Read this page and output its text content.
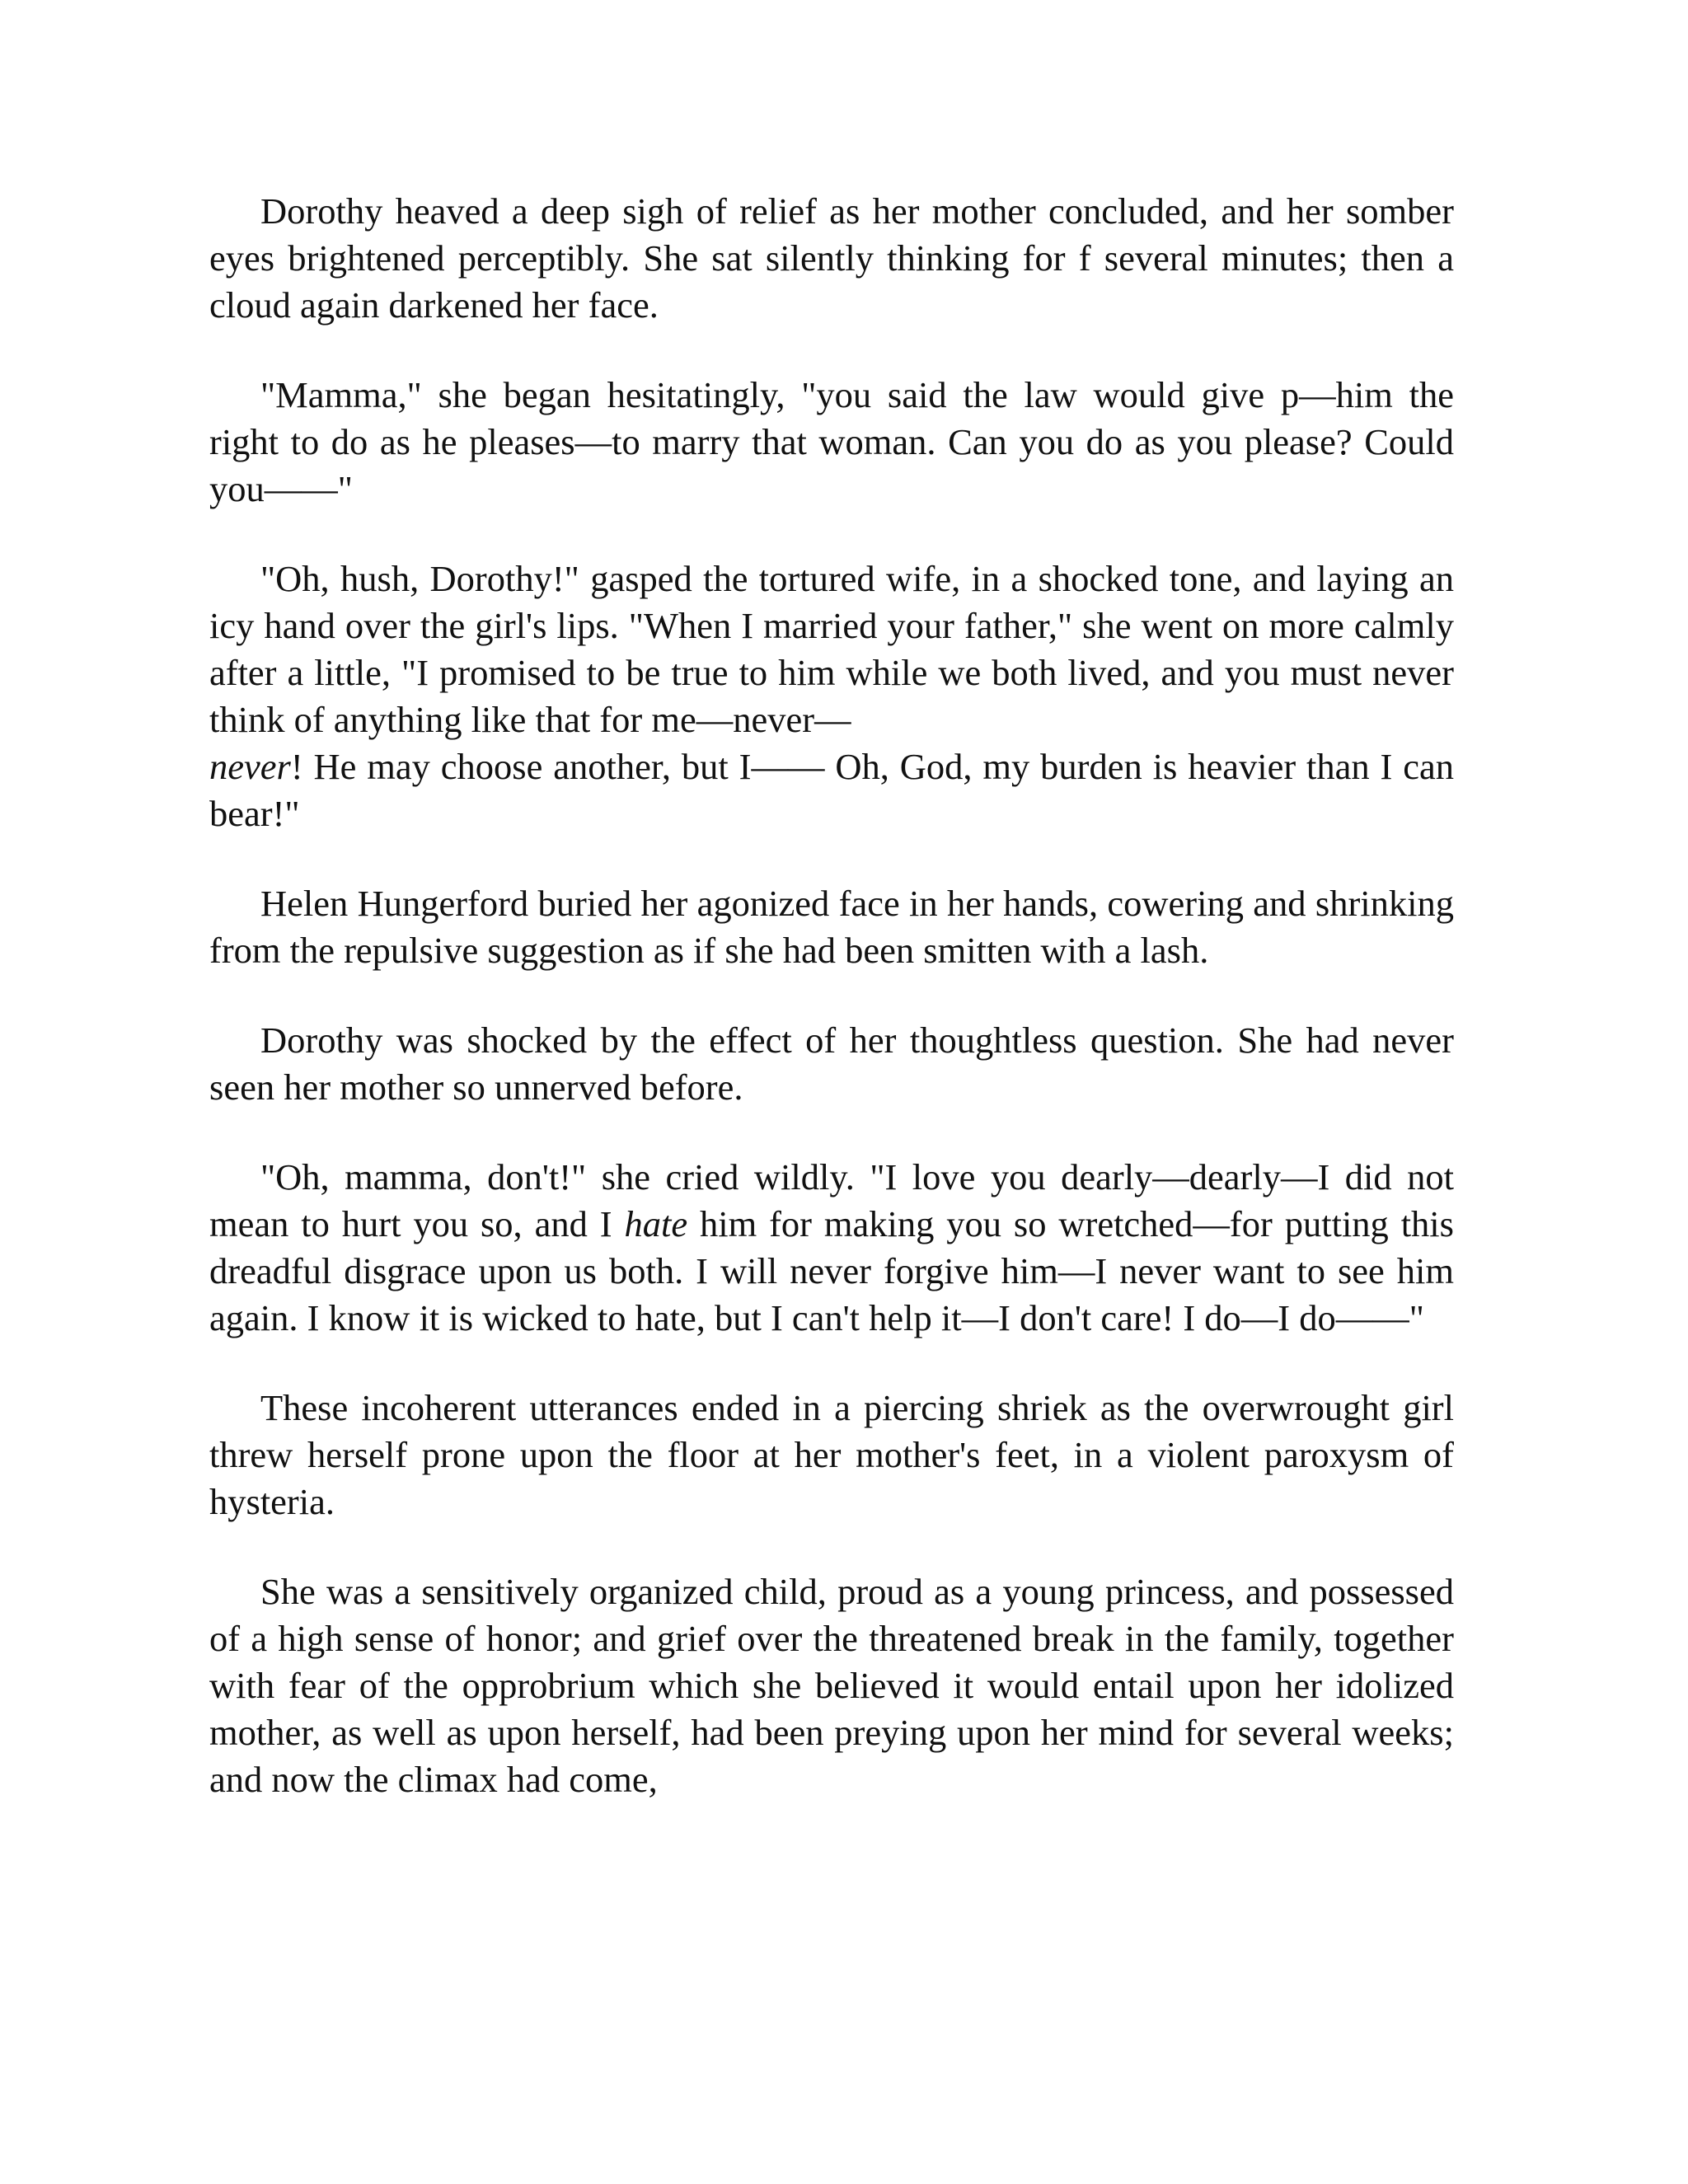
Dorothy heaved a deep sigh of relief as her mother concluded, and her somber eyes brightened perceptibly. She sat silently thinking for f several minutes; then a cloud again darkened her face.

"Mamma," she began hesitatingly, "you said the law would give p—him the right to do as he pleases—to marry that woman. Can you do as you please? Could you——"

"Oh, hush, Dorothy!" gasped the tortured wife, in a shocked tone, and laying an icy hand over the girl's lips. "When I married your father," she went on more calmly after a little, "I promised to be true to him while we both lived, and you must never think of anything like that for me—never—
never! He may choose another, but I—— Oh, God, my burden is heavier than I can bear!"

Helen Hungerford buried her agonized face in her hands, cowering and shrinking from the repulsive suggestion as if she had been smitten with a lash.

Dorothy was shocked by the effect of her thoughtless question. She had never seen her mother so unnerved before.

"Oh, mamma, don't!" she cried wildly. "I love you dearly—dearly—I did not mean to hurt you so, and I hate him for making you so wretched—for putting this dreadful disgrace upon us both. I will never forgive him—I never want to see him again. I know it is wicked to hate, but I can't help it—I don't care! I do—I do——"

These incoherent utterances ended in a piercing shriek as the overwrought girl threw herself prone upon the floor at her mother's feet, in a violent paroxysm of hysteria.

She was a sensitively organized child, proud as a young princess, and possessed of a high sense of honor; and grief over the threatened break in the family, together with fear of the opprobrium which she believed it would entail upon her idolized mother, as well as upon herself, had been preying upon her mind for several weeks; and now the climax had come,
